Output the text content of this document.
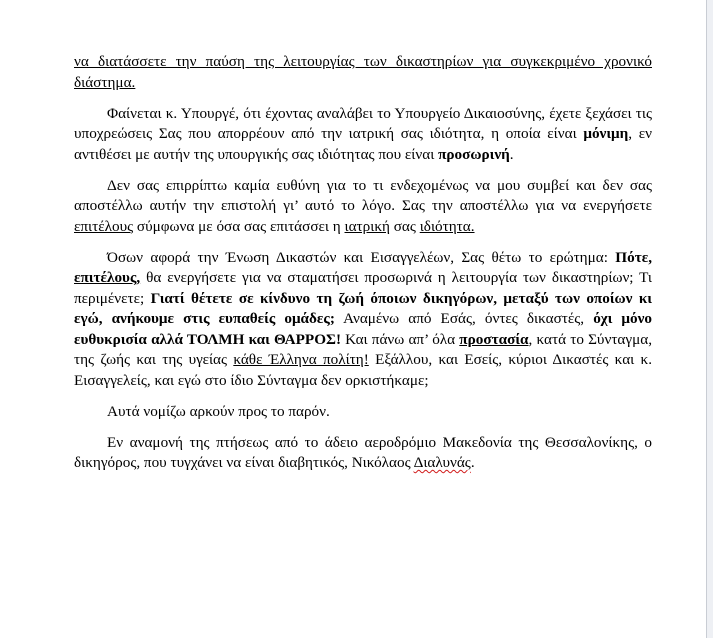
να διατάσσετε την παύση της λειτουργίας των δικαστηρίων για συγκεκριμένο χρονικό διάστημα.

Φαίνεται κ. Υπουργέ, ότι έχοντας αναλάβει το Υπουργείο Δικαιοσύνης, έχετε ξεχάσει τις υποχρεώσεις Σας που απορρέουν από την ιατρική σας ιδιότητα, η οποία είναι μόνιμη, εν αντιθέσει με αυτήν της υπουργικής σας ιδιότητας που είναι προσωρινή.

Δεν σας επιρρίπτω καμία ευθύνη για το τι ενδεχομένως να μου συμβεί και δεν σας αποστέλλω αυτήν την επιστολή γι’ αυτό το λόγο. Σας την αποστέλλω για να ενεργήσετε επιτέλους σύμφωνα με όσα σας επιτάσσει η ιατρική σας ιδιότητα.

Όσων αφορά την Ένωση Δικαστών και Εισαγγελέων, Σας θέτω το ερώτημα: Πότε, επιτέλους, θα ενεργήσετε για να σταματήσει προσωρινά η λειτουργία των δικαστηρίων; Τι περιμένετε; Γιατί θέτετε σε κίνδυνο τη ζωή όποιων δικηγόρων, μεταξύ των οποίων κι εγώ, ανήκουμε στις ευπαθείς ομάδες; Αναμένω από Εσάς, όντες δικαστές, όχι μόνο ευθυκρισία αλλά ΤΟΛΜΗ και ΘΑΡΡΟΣ! Και πάνω απ’ όλα προστασία, κατά το Σύνταγμα, της ζωής και της υγείας κάθε Έλληνα πολίτη! Εξάλλου, και Εσείς, κύριοι Δικαστές και κ. Εισαγγελείς, και εγώ στο ίδιο Σύνταγμα δεν ορκιστήκαμε;

Αυτά νομίζω αρκούν προς το παρόν.

Εν αναμονή της πτήσεως από το άδειο αεροδρόμιο Μακεδονία της Θεσσαλονίκης, ο δικηγόρος, που τυγχάνει να είναι διαβητικός, Νικόλαος Διαλυνάς.
